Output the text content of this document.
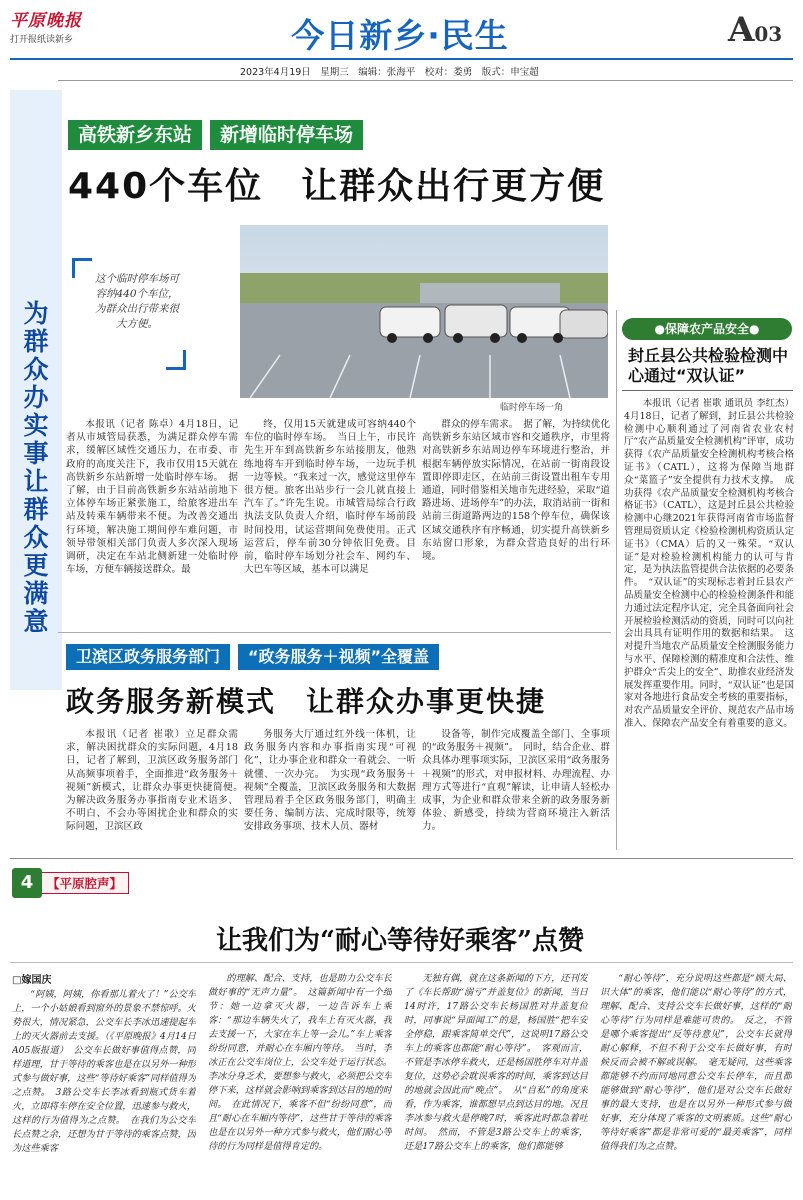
平原晚报
打开报纸读新乡	今日新乡·民生	A03
2023年4月19日　星期三　编辑：张海平　校对：娄勇　版式：申宝超
为群众办实事 让群众更满意
高铁新乡东站	新增临时停车场
440个车位　让群众出行更方便
临时停车场一角
这个临时停车场可容纳440个车位，为群众出行带来很大方便。

本报讯（记者 陈卓）4月18日，记者从市城管局获悉，为满足群众停车需求，缓解区域性交通压力，在市委、市政府的高度关注下，我市仅用15天就在高铁新乡东站新增一处临时停车场。　据了解，由于目前高铁新乡东站站前地下立体停车场正紧张施工，给旅客进出车站及转乘车辆带来不便。为改善交通出行环境，解决施工期间停车难问题，市领导带领相关部门负责人多次深入现场调研，决定在车站北侧新建一处临时停车场，方便车辆接送群众。最

终，仅用15天就建成可容纳440个车位的临时停车场。　当日上午，市民许先生开车到高铁新乡东站接朋友，他熟练地将车开到临时停车场，一边玩手机一边等候。“我来过一次，感觉这里停车很方便。旅客出站步行一会儿就直接上汽车了。”许先生说。市城管局综合行政执法支队负责人介绍，临时停车场前段时间投用，试运营期间免费使用。正式运营后，停车前30分钟依旧免费。目前，临时停车场划分社会车、网约车、大巴车等区域，基本可以满足

群众的停车需求。　据了解，为持续优化高铁新乡东站区域市容和交通秩序，市里将对高铁新乡东站周边停车环境进行整治，并根据车辆停放实际情况，在站前一街南段设置即停即走区，在站前三街设置出租车专用通道，同时借鉴相关地市先进经验，采取“道路进场、进场停车”的办法，取消站前一街和站前三街道路两边的158个停车位，确保该区域交通秩序有序畅通，切实提升高铁新乡东站窗口形象，为群众营造良好的出行环境。

卫滨区政务服务部门	“政务服务＋视频”全覆盖
政务服务新模式　让群众办事更快捷

本报讯（记者 崔歌）立足群众需求，解决困扰群众的实际问题，4月18日，记者了解到，卫滨区政务服务部门从高频事项着手，全面推进“政务服务＋视频”新模式，让群众办事更快捷简便。　为解决政务服务办事指南专业术语多、不明白、不会办等困扰企业和群众的实际问题，卫滨区政

务服务大厅通过红外线一体机，让政务服务内容和办事指南实现“可视化”，让办事企业和群众一看就会、一听就懂、一次办完。　为实现“政务服务＋视频”全覆盖，卫滨区政务服务和大数据管理局着手全区政务服务部门，明确主要任务、编制方法、完成时限等，统筹安排政务事项、技术人员、器材

设备等，制作完成覆盖全部门、全事项的“政务服务＋视频”。　同时，结合企业、群众具体办理事项实际，卫滨区采用“政务服务＋视频”的形式，对申报材料、办理流程、办理方式等进行“直观”解读，让申请人轻松办成事，为企业和群众带来全新的政务服务新体验、新感受，持续为营商环境注入新活力。

●保障农产品安全●
封丘县公共检验检测中心通过“双认证”

本报讯（记者 崔歌 通讯员 李红杰）4月18日，记者了解到，封丘县公共检验检测中心顺利通过了河南省农业农村厅“农产品质量安全检测机构”评审，成功获得《农产品质量安全检测机构考核合格证书》（CATL），这将为保障当地群众“菜篮子”安全提供有力技术支撑。　成功获得《农产品质量安全检测机构考核合格证书》（CATL），这是封丘县公共检验检测中心继2021年获得河南省市场监督管理局资质认定《检验检测机构资质认定证书》（CMA）后的又一殊荣。“双认证”是对检验检测机构能力的认可与肯定，是为执法监管提供合法依据的必要条件。　“双认证”的实现标志着封丘县农产品质量安全检测中心的检验检测条件和能力通过法定程序认定，完全具备面向社会开展检验检测活动的资质，同时可以向社会出具具有证明作用的数据和结果。　这对提升当地农产品质量安全检测服务能力与水平、保障检测的精准度和合法性、维护群众“舌尖上的安全”、助推农业经济发展发挥重要作用。同时，“双认证”也是国家对各地进行食品安全考核的重要指标，对农产品质量安全评价、规范农产品市场准入、保障农产品安全有着重要的意义。

【平原腔声】
4
让我们为“耐心等待好乘客”点赞
□嫁国庆

“阿姨，阿姨，你看那儿着火了！”公交车上，一个小姑娘看到窗外的景象不禁惊呼。火势很大，情况紧急，公交车长李冰迅速提起车上的灭火器前去支援。（《平原晚报》4月14日A05版报道）　公交车长做好事值得点赞，同样道理，甘于等待的乘客也是在以另外一种形式参与做好事，这些“等待好乘客”同样值得为之点赞。　3路公交车长李冰看到瓶式货车着火，立即将车停在安全位置，迅速参与救火，这样的行为值得为之点赞。　在我们为公交车长点赞之余，还想为甘于等待的乘客点赞，因为这些乘客

的理解、配合、支持，也是助力公交车长做好事的“无声力量”。　这篇新闻中有一个细节：她一边拿灭火器，一边告诉车上乘客：“那边车辆失火了，我车上有灭火器，我去支援一下，大家在车上等一会儿。”车上乘客纷纷同意，并耐心在车厢内等待。　当时，李冰正在公交车岗位上，公交车处于运行状态。李冰分身乏术，要想参与救火，必须把公交车停下来，这样就会影响到乘客到达目的地的时间。　在此情况下，乘客不但“纷纷同意”，而且“耐心在车厢内等待”，这些甘于等待的乘客也是在以另外一种方式参与救火，他们耐心等待的行为同样是值得肯定的。

无独有偶，就在这条新闻的下方，还刊发了《车长帮助“溺亏”并盖复位》的新闻，当日14时许，17路公交车长杨国胜对井盖复位时，同事说“异面闻工”的是，杨国胜“把车安全停稳，跟乘客简单交代”，这说明17路公交车上的乘客也都能“耐心等待”。　客观而言，不管是李冰停车救火，还是杨国胜停车对井盖复位，这势必会耽误乘客的时间，乘客到达目的地就会因此而“晚点”。　从“自私”的角度来看，作为乘客，谁都想早点到达目的地。况且李冰参与救火是停晚7时，乘客此时都急着吐时间。　然而，不管是3路公交车上的乘客，还是17路公交车上的乘客，他们都能够

“耐心等待”，充分说明这些都是“顾大局、识大体”的乘客，他们能以“耐心等待”的方式，理解、配合、支持公交车长做好事，这样的“耐心等待”行为同样是难能可贵的。　反之，不管是哪个乘客提出“反等待意见”，公交车长就得耐心解释，不但不利于公交车长做好事，有时候反而会被不解或误解。　毫无疑问，这些乘客都能够不约而同地同意公交车长停车，而且都能够做到“耐心等待”，他们是对公交车长做好事的最大支持，也是在以另外一种形式参与做好事，充分体现了乘客的文明素质。这些“耐心等待好乘客”都是非常可爱的“最美乘客”，同样值得我们为之点赞。
